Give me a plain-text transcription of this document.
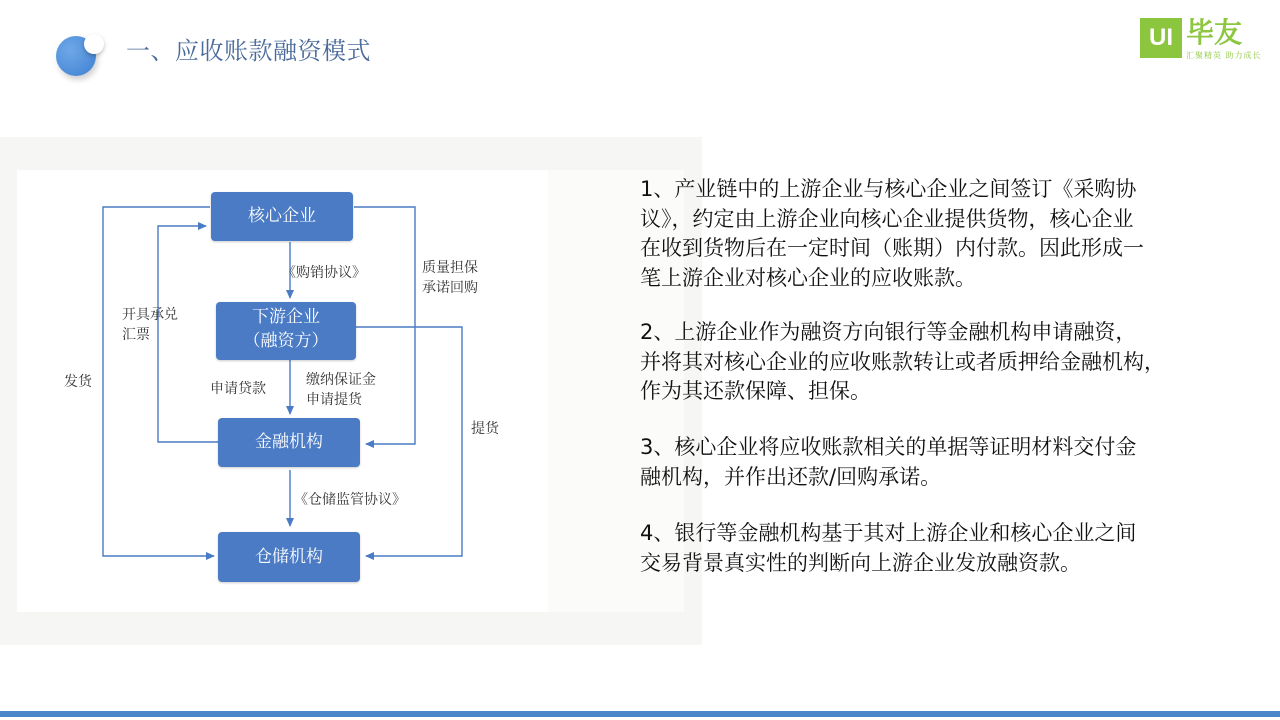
一、应收账款融资模式	UI 毕友
汇聚精英 助力成长
核心企业
下游企业
（融资方）
金融机构
仓储机构
《购销协议》	质量担保
承诺回购
开具承兑
汇票
发货	申请贷款
缴纳保证金
申请提货
提货
《仓储监管协议》
1、产业链中的上游企业与核心企业之间签订《采购协
议》，约定由上游企业向核心企业提供货物，核心企业
在收到货物后在一定时间（账期）内付款。因此形成一
笔上游企业对核心企业的应收账款。
2、上游企业作为融资方向银行等金融机构申请融资，
并将其对核心企业的应收账款转让或者质押给金融机构，
作为其还款保障、担保。
3、核心企业将应收账款相关的单据等证明材料交付金
融机构，并作出还款/回购承诺。
4、银行等金融机构基于其对上游企业和核心企业之间
交易背景真实性的判断向上游企业发放融资款。
